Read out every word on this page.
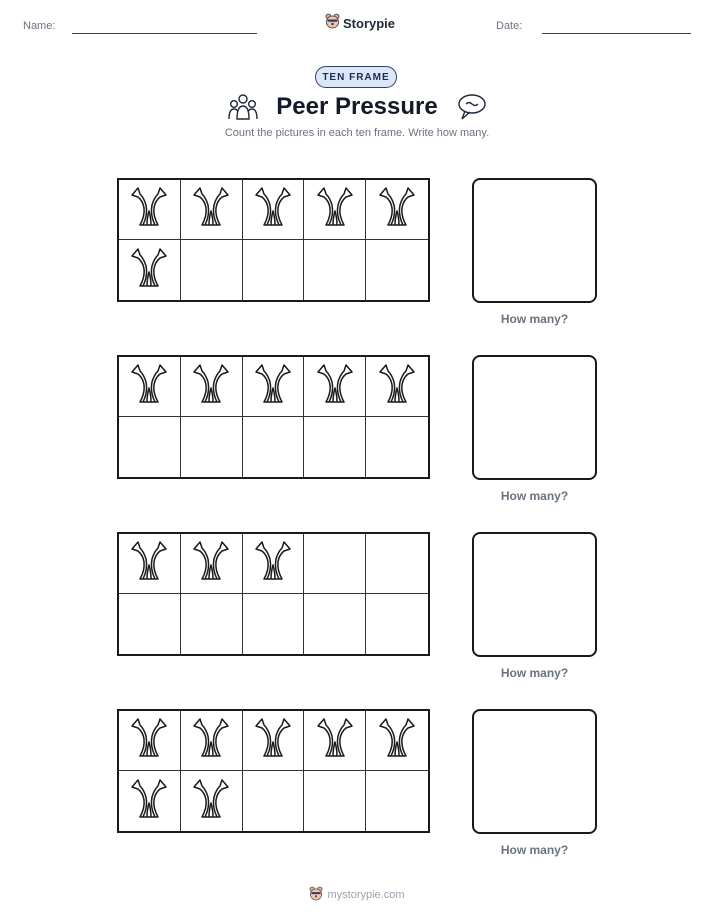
Name:	Storypie	Date:
TEN FRAME
Peer Pressure
Count the pictures in each ten frame. Write how many.
How many?
How many?
How many?
How many?
mystorypie.com
